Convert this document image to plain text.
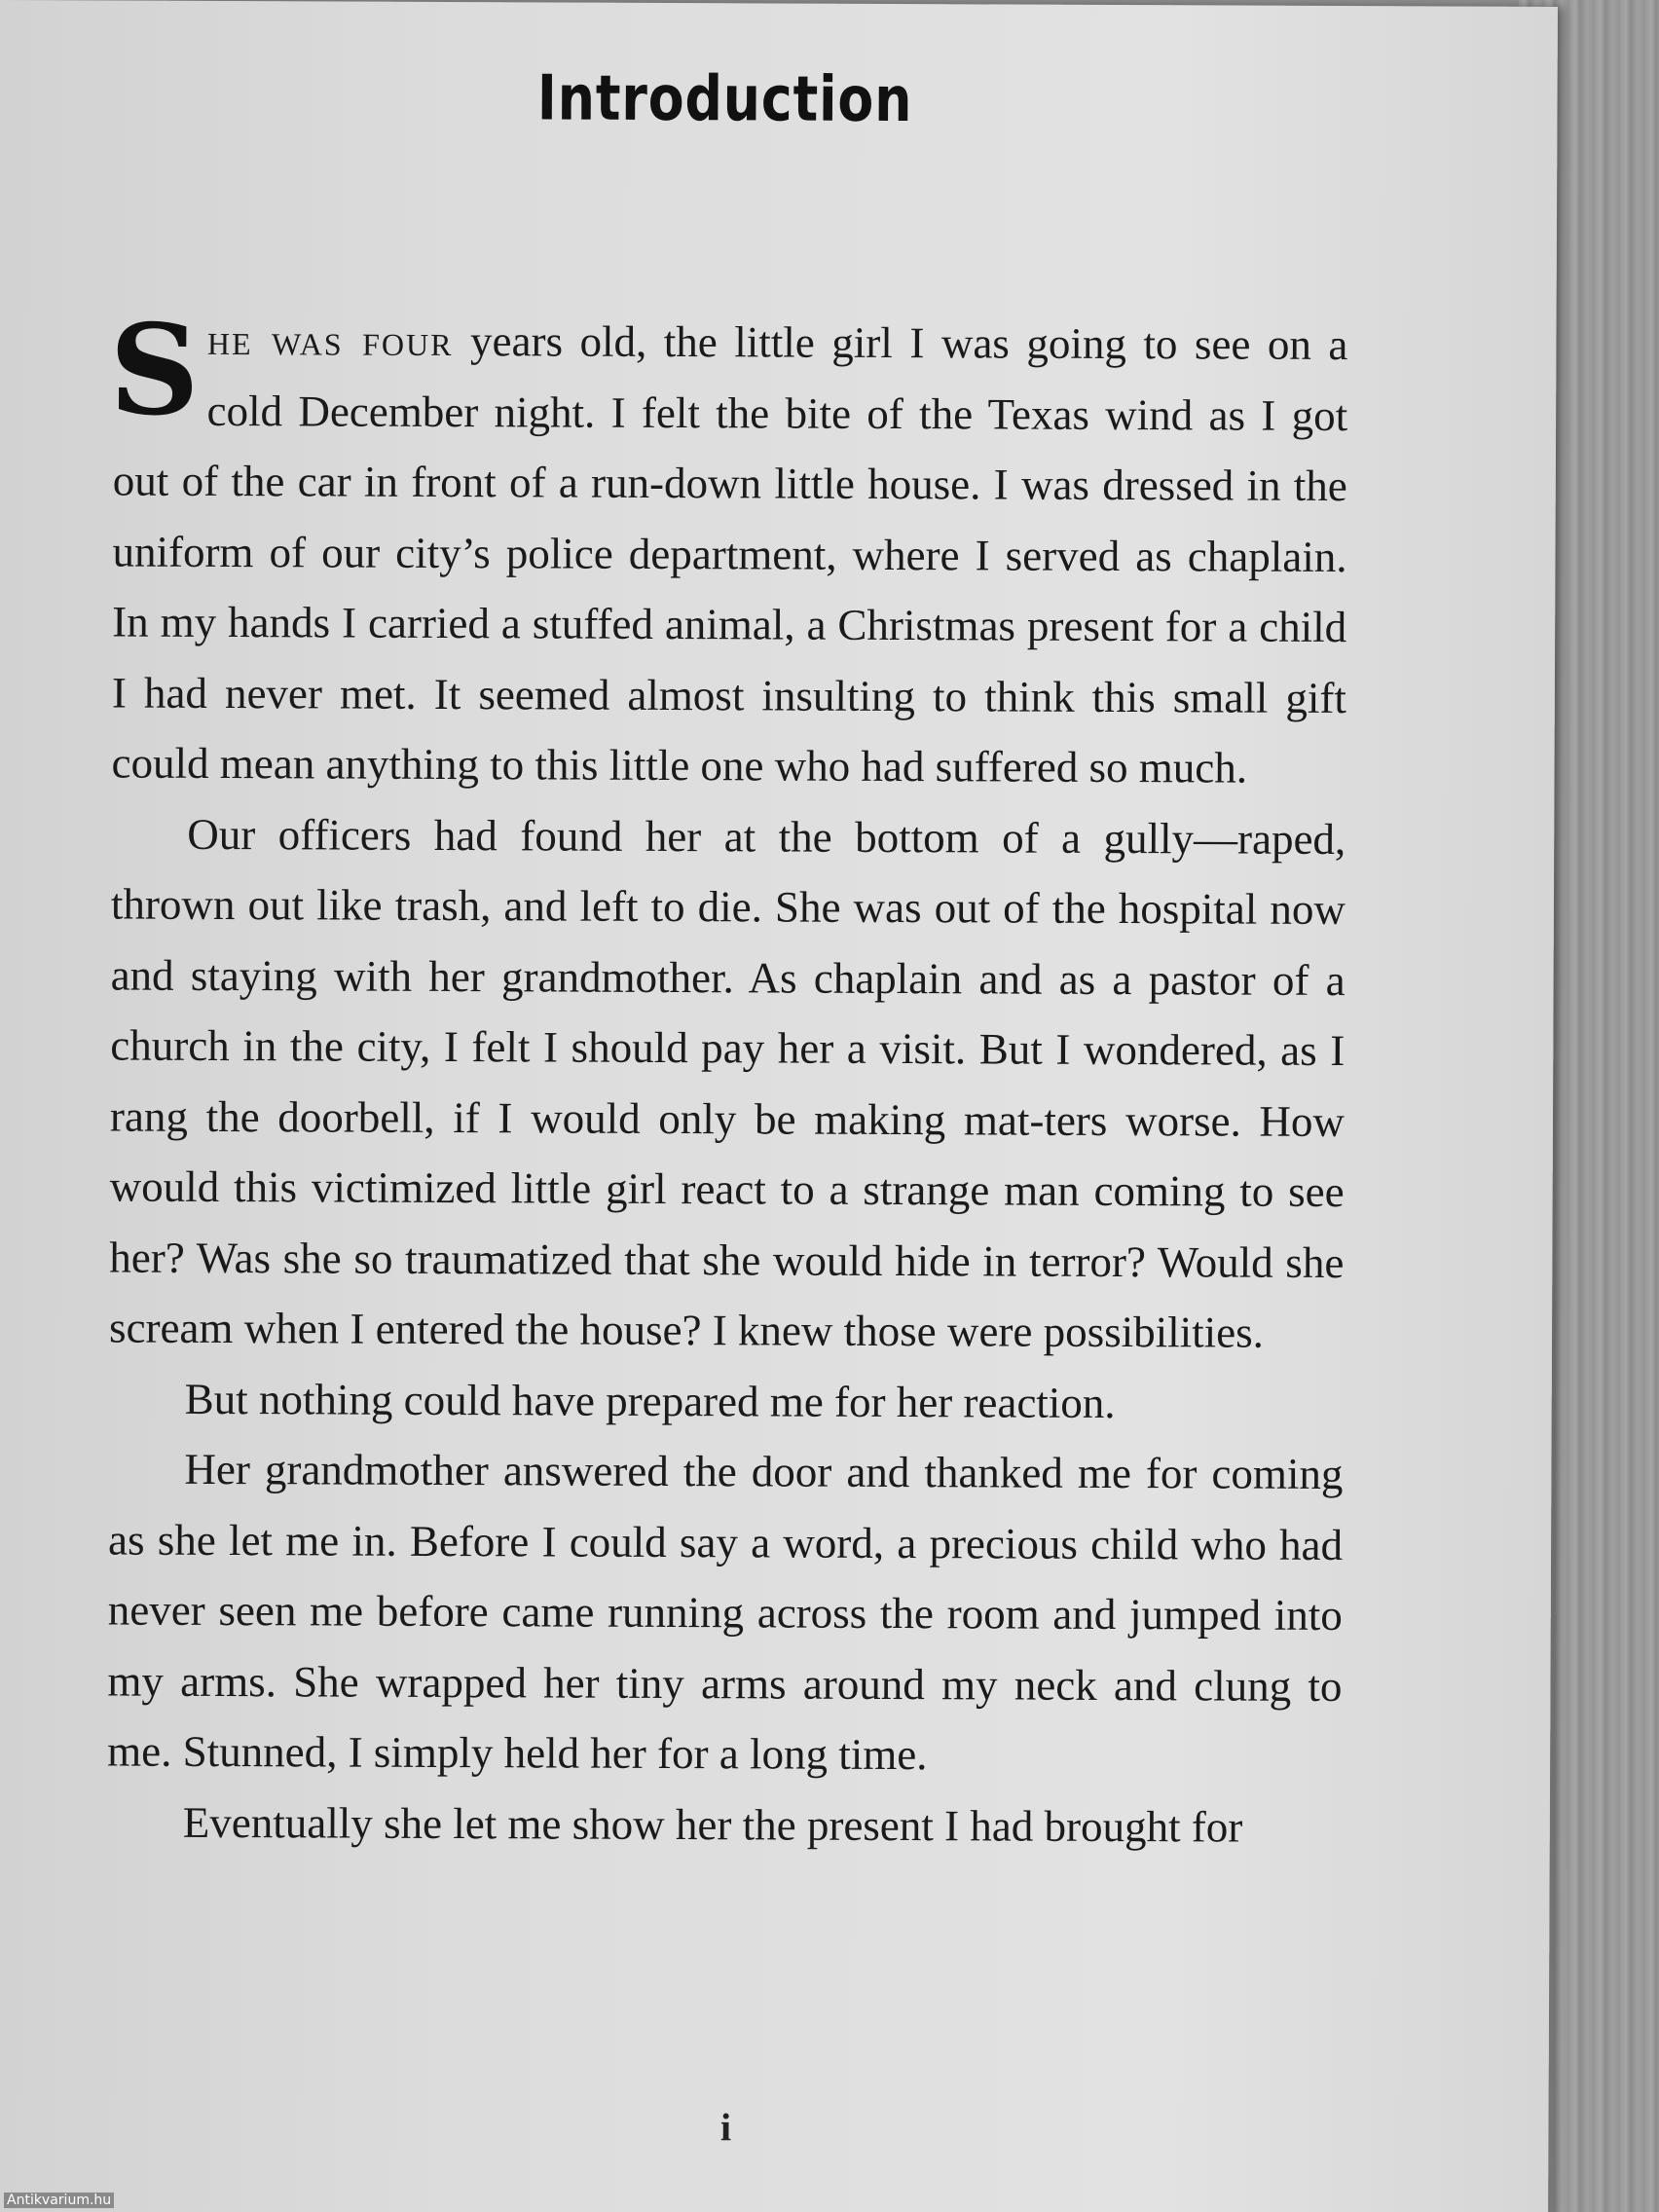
Introduction

She was four years old, the little girl I was going to see on a cold December night. I felt the bite of the Texas wind as I got out of the car in front of a run-down little house. I was dressed in the uniform of our city’s police department, where I served as chaplain. In my hands I carried a stuffed animal, a Christmas present for a child I had never met. It seemed almost insulting to think this small gift could mean anything to this little one who had suffered so much.

Our officers had found her at the bottom of a gully—raped, thrown out like trash, and left to die. She was out of the hospital now and staying with her grandmother. As chaplain and as a pastor of a church in the city, I felt I should pay her a visit. But I wondered, as I rang the doorbell, if I would only be making mat-ters worse. How would this victimized little girl react to a strange man coming to see her? Was she so traumatized that she would hide in terror? Would she scream when I entered the house? I knew those were possibilities.

But nothing could have prepared me for her reaction.

Her grandmother answered the door and thanked me for coming as she let me in. Before I could say a word, a precious child who had never seen me before came running across the room and jumped into my arms. She wrapped her tiny arms around my neck and clung to me. Stunned, I simply held her for a long time.

Eventually she let me show her the present I had brought for

i
Antikvarium.hu
